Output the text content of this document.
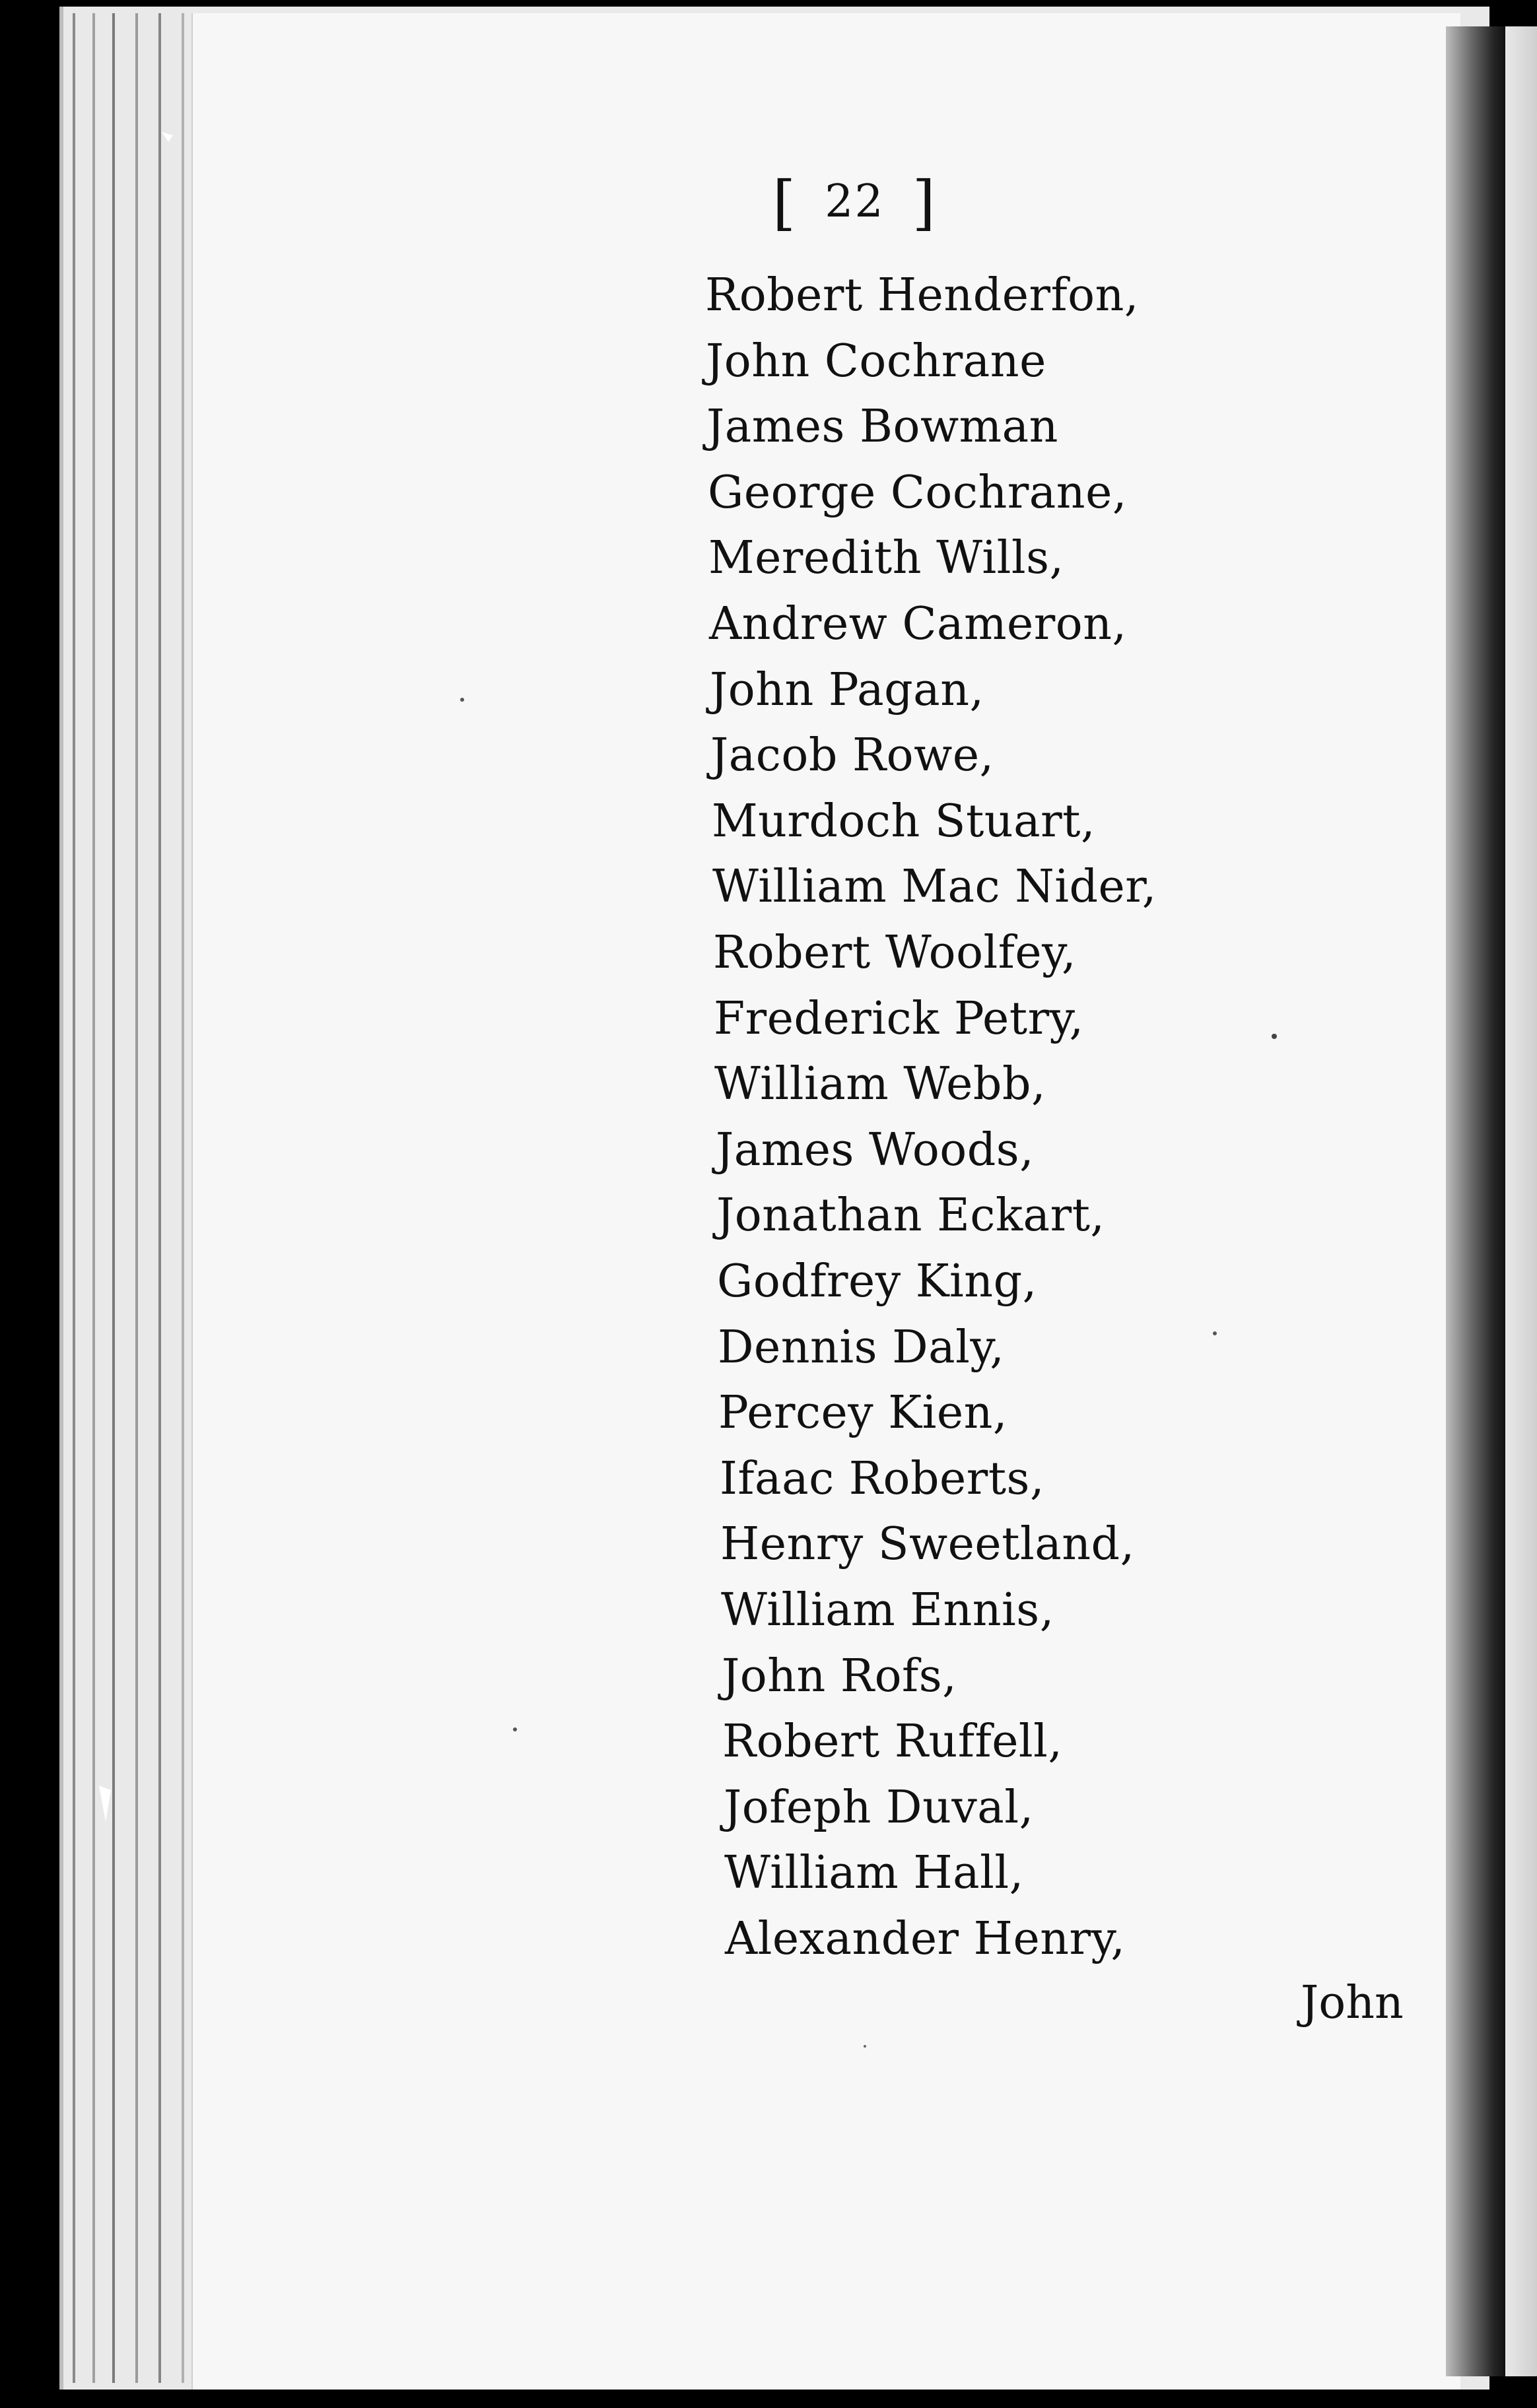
[ 22 ]
Robert Henderfon,
John Cochrane
James Bowman
George Cochrane,
Meredith Wills,
Andrew Cameron,
John Pagan,
Jacob Rowe,
Murdoch Stuart,
William Mac Nider,
Robert Woolfey,
Frederick Petry,
William Webb,
James Woods,
Jonathan Eckart,
Godfrey King,
Dennis Daly,
Percey Kien,
Ifaac Roberts,
Henry Sweetland,
William Ennis,
John Rofs,
Robert Ruffell,
Jofeph Duval,
William Hall,
Alexander Henry,
John
